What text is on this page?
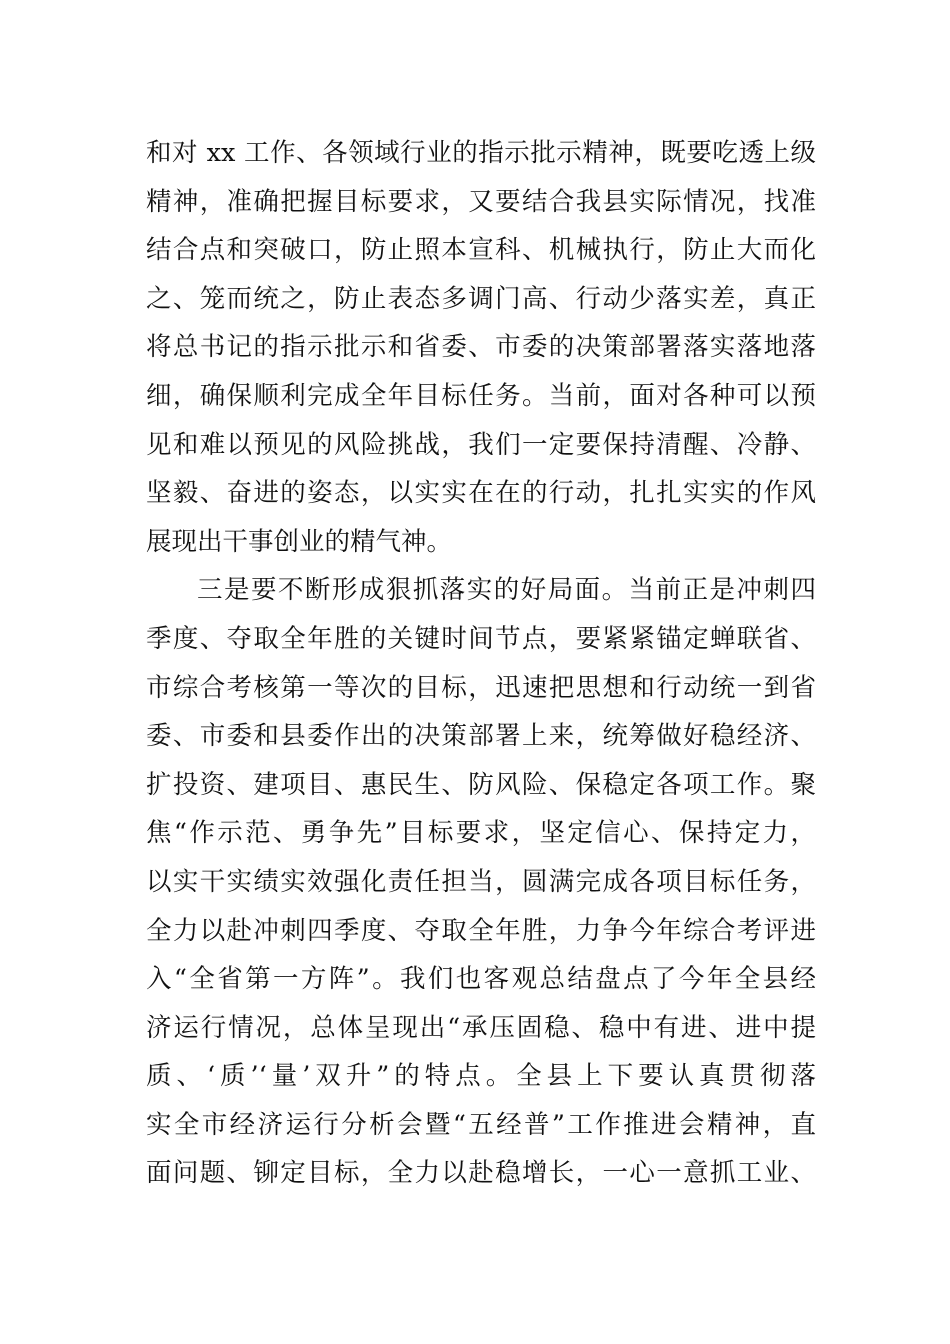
和对 xx 工作、各领域行业的指示批示精神，既要吃透上级
精神，准确把握目标要求，又要结合我县实际情况，找准
结合点和突破口，防止照本宣科、机械执行，防止大而化
之、笼而统之，防止表态多调门高、行动少落实差，真正
将总书记的指示批示和省委、市委的决策部署落实落地落
细，确保顺利完成全年目标任务。当前，面对各种可以预
见和难以预见的风险挑战，我们一定要保持清醒、冷静、
坚毅、奋进的姿态，以实实在在的行动，扎扎实实的作风
展现出干事创业的精气神。
三是要不断形成狠抓落实的好局面。当前正是冲刺四
季度、夺取全年胜的关键时间节点，要紧紧锚定蝉联省、
市综合考核第一等次的目标，迅速把思想和行动统一到省
委、市委和县委作出的决策部署上来，统筹做好稳经济、
扩投资、建项目、惠民生、防风险、保稳定各项工作。聚
焦“作示范、勇争先”目标要求，坚定信心、保持定力，
以实干实绩实效强化责任担当，圆满完成各项目标任务，
全力以赴冲刺四季度、夺取全年胜，力争今年综合考评进
入“全省第一方阵”。我们也客观总结盘点了今年全县经
济运行情况，总体呈现出“承压固稳、稳中有进、进中提
质、‘质’‘量’双升”的特点。全县上下要认真贯彻落
实全市经济运行分析会暨“五经普”工作推进会精神，直
面问题、铆定目标，全力以赴稳增长，一心一意抓工业、
